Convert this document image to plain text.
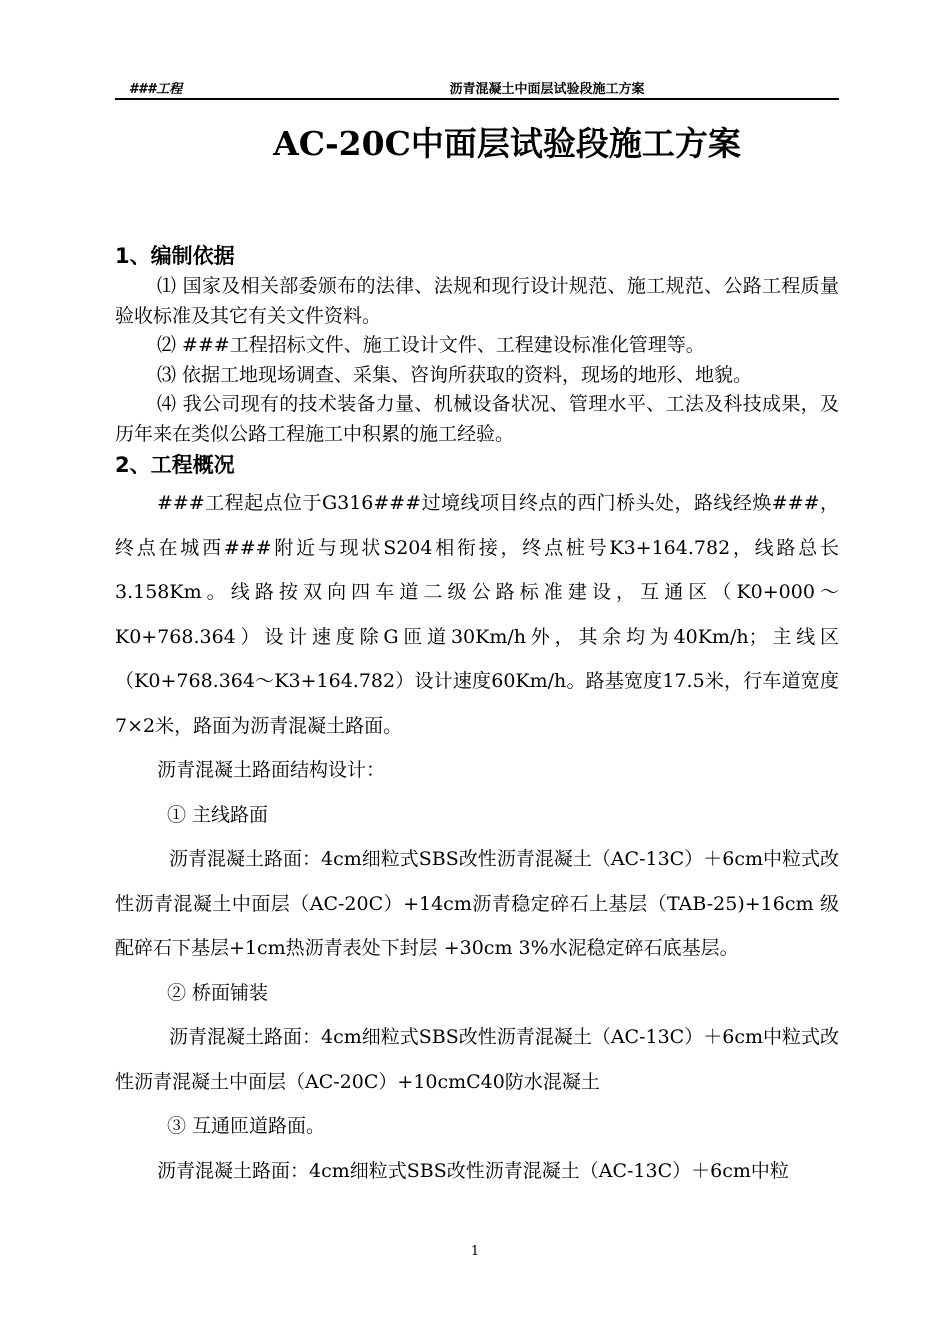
###工程	沥青混凝土中面层试验段施工方案
AC-20C中面层试验段施工方案

1、编制依据

⑴ 国家及相关部委颁布的法律、法规和现行设计规范、施工规范、公路工程质量验收标准及其它有关文件资料。

⑵ ###工程招标文件、施工设计文件、工程建设标准化管理等。

⑶ 依据工地现场调查、采集、咨询所获取的资料，现场的地形、地貌。

⑷ 我公司现有的技术装备力量、机械设备状况、管理水平、工法及科技成果，及历年来在类似公路工程施工中积累的施工经验。

2、工程概况

###工程起点位于G316###过境线项目终点的西门桥头处，路线经焕###，终点在城西###附近与现状S204相衔接，终点桩号K3+164.782，线路总长3.158Km。线路按双向四车道二级公路标准建设，互通区（K0+000～K0+768.364）设计速度除G匝道30Km/h外，其余均为40Km/h；主线区（K0+768.364～K3+164.782）设计速度60Km/h。路基宽度17.5米，行车道宽度7×2米，路面为沥青混凝土路面。

沥青混凝土路面结构设计：

① 主线路面

沥青混凝土路面：4cm细粒式SBS改性沥青混凝土（AC-13C）＋6cm中粒式改性沥青混凝土中面层（AC-20C）+14cm沥青稳定碎石上基层（TAB-25)+16cm 级配碎石下基层+1cm热沥青表处下封层 +30cm 3%水泥稳定碎石底基层。

② 桥面铺装

沥青混凝土路面：4cm细粒式SBS改性沥青混凝土（AC-13C）＋6cm中粒式改性沥青混凝土中面层（AC-20C）+10cmC40防水混凝土

③ 互通匝道路面。

沥青混凝土路面：4cm细粒式SBS改性沥青混凝土（AC-13C）＋6cm中粒

1
